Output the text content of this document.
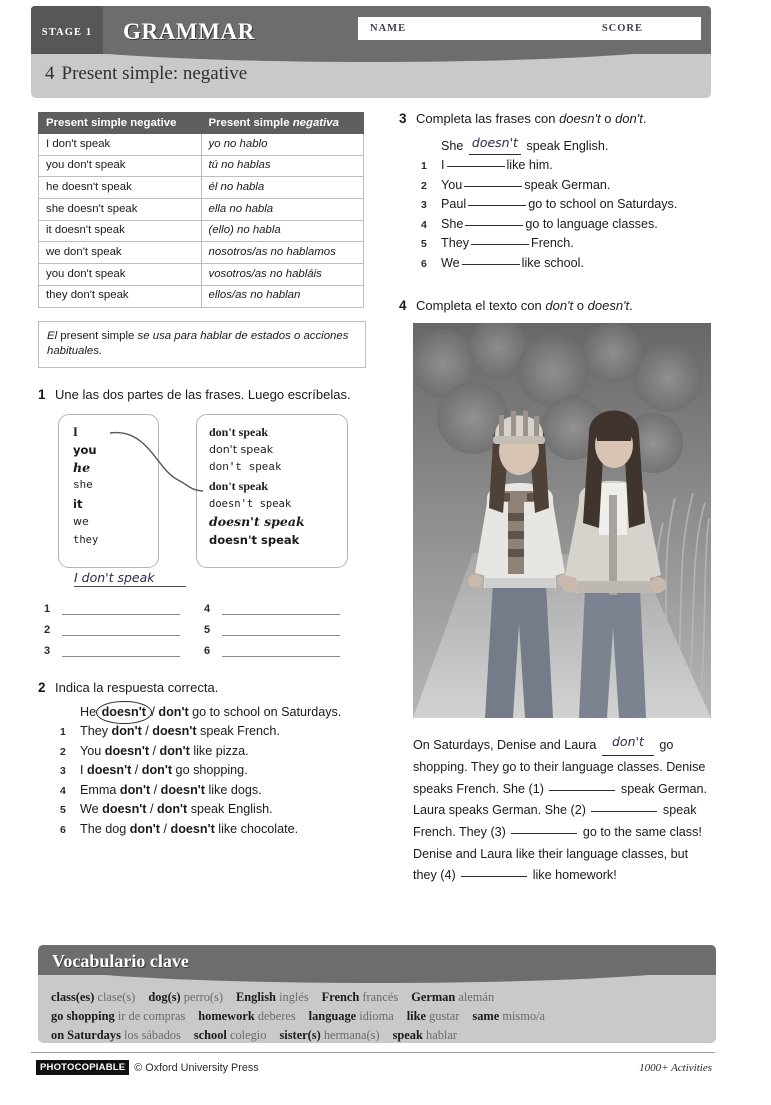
STAGE 1 GRAMMAR	NAME	SCORE
4 Present simple: negative
Present simple negative	Present simple negativa
I don't speak	yo no hablo
you don't speak	tú no hablas
he doesn't speak	él no habla
she doesn't speak	ella no habla
it doesn't speak	(ello) no habla
we don't speak	nosotros/as no hablamos
you don't speak	vosotros/as no habláis
they don't speak	ellos/as no hablan
El present simple se usa para hablar de estados o acciones habituales.
1 Une las dos partes de las frases. Luego escríbelas.
I
you
he
she
it
we
they
don't speak
don't speak
don't speak
don't speak
doesn't speak
doesn't speak
doesn't speak
I don't speak
1
2
3
4
5
6
2 Indica la respuesta correcta.
He doesn't / don't go to school on Saturdays.
1	They don't / doesn't speak French.
2	You doesn't / don't like pizza.
3	I doesn't / don't go shopping.
4	Emma don't / doesn't like dogs.
5	We doesn't / don't speak English.
6	The dog don't / doesn't like chocolate.
3 Completa las frases con doesn't o don't.
She doesn't speak English.
1	I	like him.
2	You	speak German.
3	Paul	go to school on Saturdays.
4	She	go to language classes.
5	They	French.
6	We	like school.
4 Completa el texto con don't o doesn't.
On Saturdays, Denise and Laura don't go shopping. They go to their language classes. Denise speaks French. She (1)	speak German. Laura speaks German. She (2)	speak French. They (3)	go to the same class! Denise and Laura like their language classes, but they (4)	like homework!
Vocabulario clave
class(es) clase(s) dog(s) perro(s) English inglés French francés German alemán
go shopping ir de compras homework deberes language idioma like gustar same mismo/a
on Saturdays los sábados school colegio sister(s) hermana(s) speak hablar
PHOTOCOPIABLE © Oxford University Press	1000+ Activities
